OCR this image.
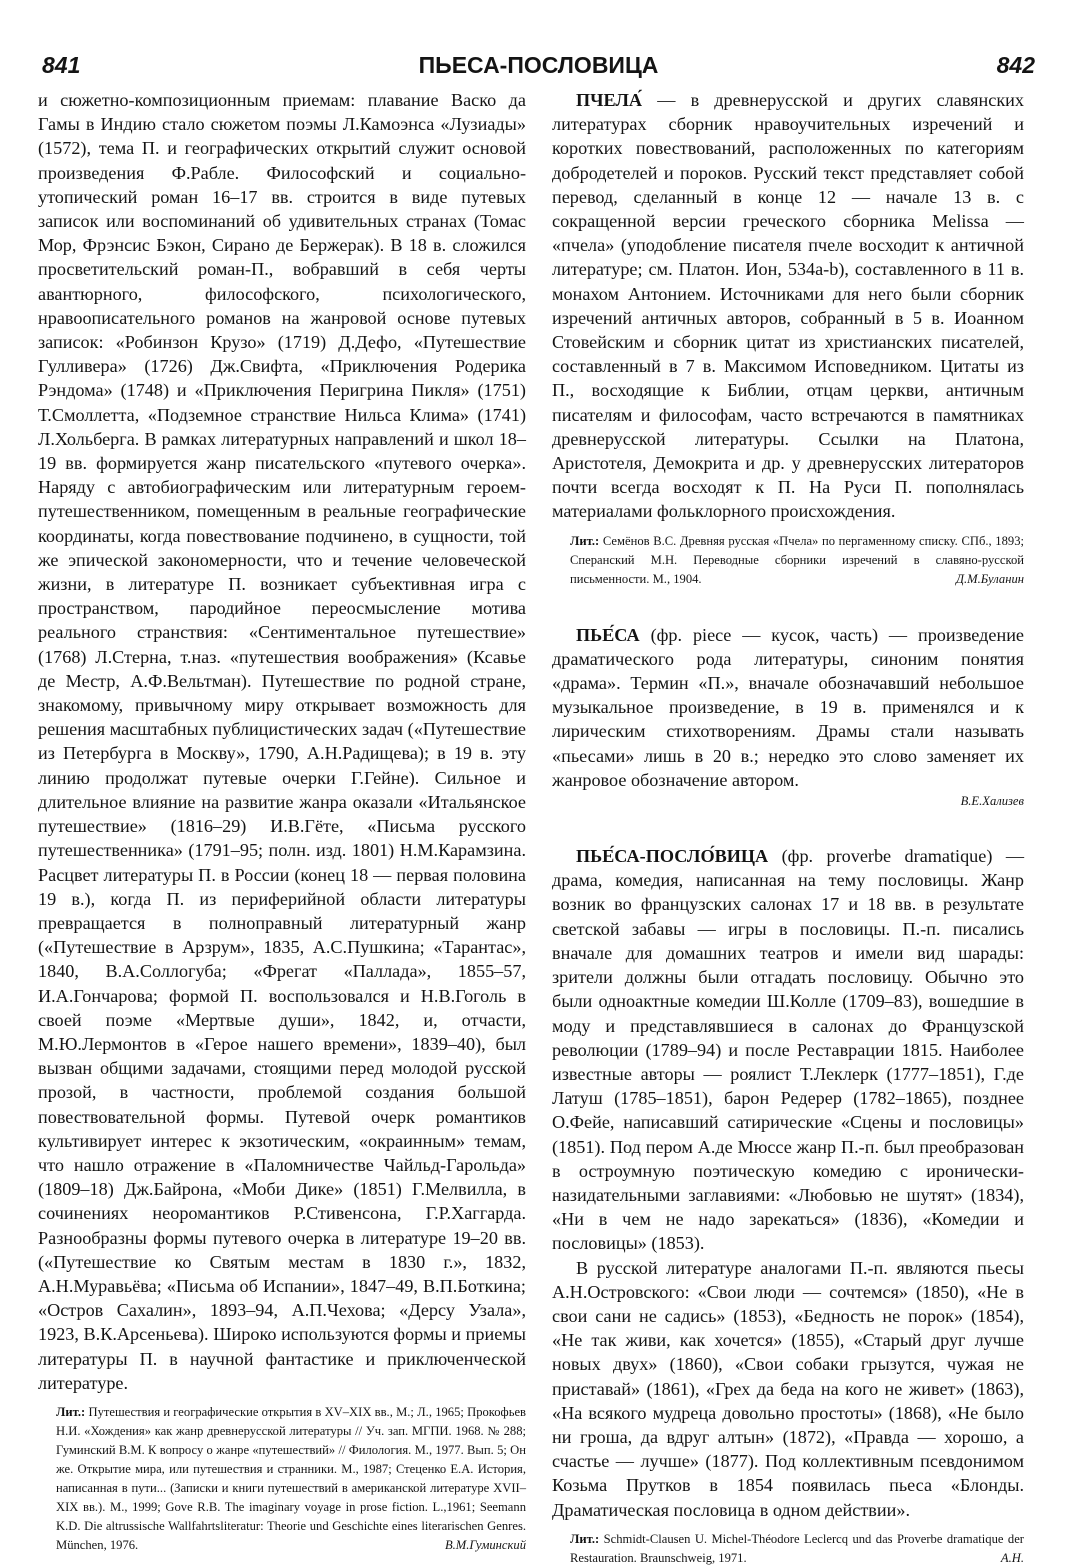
841	ПЬЕСА-ПОСЛОВИЦА	842

и сюжетно-композиционным приемам: плавание Васко да Гамы в Индию стало сюжетом поэмы Л.Камоэнса «Лузиады» (1572), тема П. и географических открытий служит основой произведения Ф.Рабле. Философский и социально-утопический роман 16–17 вв. строится в виде путевых записок или воспоминаний об удивительных странах (Томас Мор, Фрэнсис Бэкон, Сирано де Бержерак). В 18 в. сложился просветительский роман-П., вобравший в себя черты авантюрного, философского, психологического, нравоописательного романов на жанровой основе путевых записок: «Робинзон Крузо» (1719) Д.Дефо, «Путешествие Гулливера» (1726) Дж.Свифта, «Приключения Родерика Рэндома» (1748) и «Приключения Перигрина Пикля» (1751) Т.Смоллетта, «Подземное странствие Нильса Клима» (1741) Л.Хольберга. В рамках литературных направлений и школ 18–19 вв. формируется жанр писательского «путевого очерка». Наряду с автобиографическим или литературным героем-путешественником, помещенным в реальные географические координаты, когда повествование подчинено, в сущности, той же эпической закономерности, что и течение человеческой жизни, в литературе П. возникает субъективная игра с пространством, пародийное переосмысление мотива реального странствия: «Сентиментальное путешествие» (1768) Л.Стерна, т.наз. «путешествия воображения» (Ксавье де Местр, А.Ф.Вельтман). Путешествие по родной стране, знакомому, привычному миру открывает возможность для решения масштабных публицистических задач («Путешествие из Петербурга в Москву», 1790, А.Н.Радищева); в 19 в. эту линию продолжат путевые очерки Г.Гейне). Сильное и длительное влияние на развитие жанра оказали «Итальянское путешествие» (1816–29) И.В.Гёте, «Письма русского путешественника» (1791–95; полн. изд. 1801) Н.М.Карамзина. Расцвет литературы П. в России (конец 18 — первая половина 19 в.), когда П. из периферийной области литературы превращается в полноправный литературный жанр («Путешествие в Арзрум», 1835, А.С.Пушкина; «Тарантас», 1840, В.А.Соллогуба; «Фрегат «Паллада», 1855–57, И.А.Гончарова; формой П. воспользовался и Н.В.Гоголь в своей поэме «Мертвые души», 1842, и, отчасти, М.Ю.Лермонтов в «Герое нашего времени», 1839–40), был вызван общими задачами, стоящими перед молодой русской прозой, в частности, проблемой создания большой повествовательной формы. Путевой очерк романтиков культивирует интерес к экзотическим, «окраинным» темам, что нашло отражение в «Паломничестве Чайльд-Гарольда» (1809–18) Дж.Байрона, «Моби Дике» (1851) Г.Мелвилла, в сочинениях неоромантиков Р.Стивенсона, Г.Р.Хаггарда. Разнообразны формы путевого очерка в литературе 19–20 вв. («Путешествие ко Святым местам в 1830 г.», 1832, А.Н.Муравьёва; «Письма об Испании», 1847–49, В.П.Боткина; «Остров Сахалин», 1893–94, А.П.Чехова; «Дерсу Узала», 1923, В.К.Арсеньева). Широко используются формы и приемы литературы П. в научной фантастике и приключенческой литературе.

Лит.: Путешествия и географические открытия в XV–XIX вв., М.; Л., 1965; Прокофьев Н.И. «Хождения» как жанр древнерусской литературы // Уч. зап. МГПИ. 1968. № 288; Гуминский В.М. К вопросу о жанре «путешествий» // Филология. М., 1977. Вып. 5; Он же. Открытие мира, или путешествия и странники. М., 1987; Стеценко Е.А. История, написанная в пути... (Записки и книги путешествий в американской литературе XVII–XIX вв.). М., 1999; Gove R.B. The imaginary voyage in prose fiction. L.,1961; Seemann K.D. Die altrussische Wallfahrtsliteratur: Theorie und Geschichte eines literarischen Genres. München, 1976.	В.М.Гуминский

ПЧЕЛА́ — в древнерусской и других славянских литературах сборник нравоучительных изречений и коротких повествований, расположенных по категориям добродетелей и пороков. Русский текст представляет собой перевод, сделанный в конце 12 — начале 13 в. с сокращенной версии греческого сборника Melissa — «пчела» (уподобление писателя пчеле восходит к античной литературе; см. Платон. Ион, 534a-b), составленного в 11 в. монахом Антонием. Источниками для него были сборник изречений античных авторов, собранный в 5 в. Иоанном Стовейским и сборник цитат из христианских писателей, составленный в 7 в. Максимом Исповедником. Цитаты из П., восходящие к Библии, отцам церкви, античным писателям и философам, часто встречаются в памятниках древнерусской литературы. Ссылки на Платона, Аристотеля, Демокрита и др. у древнерусских литераторов почти всегда восходят к П. На Руси П. пополнялась материалами фольклорного происхождения.

Лит.: Семёнов В.С. Древняя русская «Пчела» по пергаменному списку. СПб., 1893; Сперанский М.Н. Переводные сборники изречений в славяно-русской письменности. М., 1904.	Д.М.Буланин

ПЬЕ́СА (фр. piece — кусок, часть) — произведение драматического рода литературы, синоним понятия «драма». Термин «П.», вначале обозначавший небольшое музыкальное произведение, в 19 в. применялся и к лирическим стихотворениям. Драмы стали называть «пьесами» лишь в 20 в.; нередко это слово заменяет их жанровое обозначение автором.

В.Е.Хализев

ПЬЕ́СА-ПОСЛО́ВИЦА (фр. proverbe dramatique) — драма, комедия, написанная на тему пословицы. Жанр возник во французских салонах 17 и 18 вв. в результате светской забавы — игры в пословицы. П.-п. писались вначале для домашних театров и имели вид шарады: зрители должны были отгадать пословицу. Обычно это были одноактные комедии Ш.Колле (1709–83), вошедшие в моду и представлявшиеся в салонах до Французской революции (1789–94) и после Реставрации 1815. Наиболее известные авторы — роялист Т.Леклерк (1777–1851), Г.де Латуш (1785–1851), барон Редерер (1782–1865), позднее О.Фейе, написавший сатирические «Сцены и пословицы» (1851). Под пером А.де Мюссе жанр П.-п. был преобразован в остроумную поэтическую комедию с иронически-назидательными заглавиями: «Любовью не шутят» (1834), «Ни в чем не надо зарекаться» (1836), «Комедии и пословицы» (1853).

В русской литературе аналогами П.-п. являются пьесы А.Н.Островского: «Свои люди — сочтемся» (1850), «Не в свои сани не садись» (1853), «Бедность не порок» (1854), «Не так живи, как хочется» (1855), «Старый друг лучше новых двух» (1860), «Свои собаки грызутся, чужая не приставай» (1861), «Грех да беда на кого не живет» (1863), «На всякого мудреца довольно простоты» (1868), «Не было ни гроша, да вдруг алтын» (1872), «Правда — хорошо, а счастье — лучше» (1877). Под коллективным псевдонимом Козьма Прутков в 1854 появилась пьеса «Блонды. Драматическая пословица в одном действии».

Лит.: Schmidt-Clausen U. Michel-Théodore Leclercq und das Proverbe dramatique der Restauration. Braunschweig, 1971.	А.Н.
